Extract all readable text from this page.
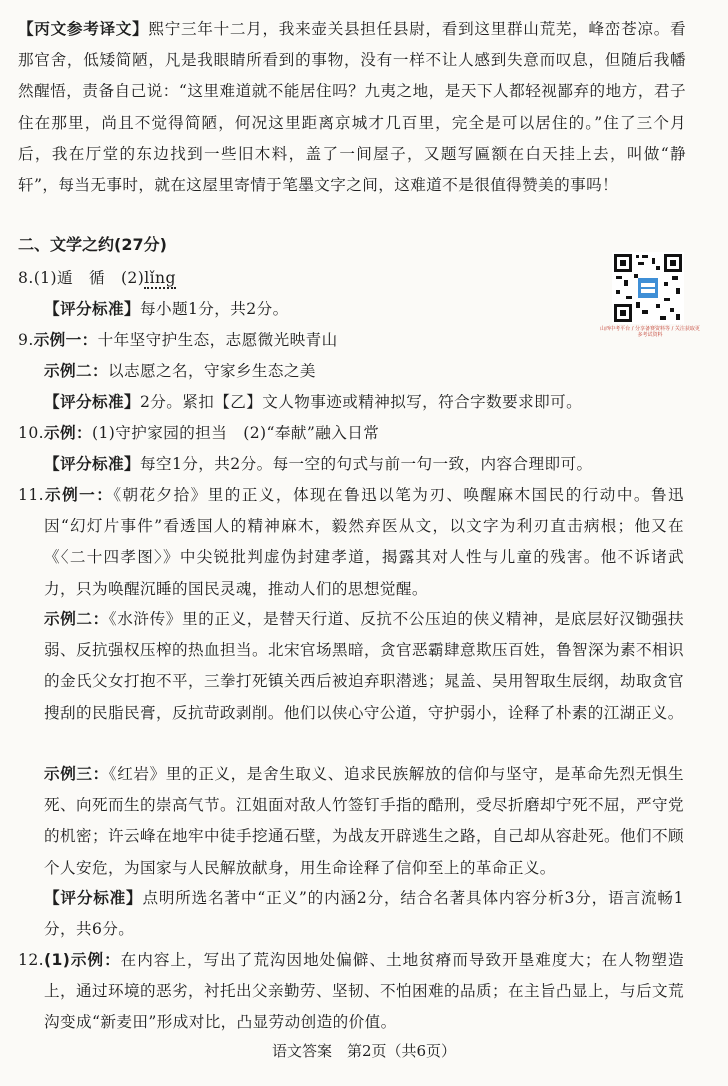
【丙文参考译文】熙宁三年十二月，我来壶关县担任县尉，看到这里群山荒芜，峰峦苍凉。看那官舍，低矮简陋，凡是我眼睛所看到的事物，没有一样不让人感到失意而叹息，但随后我幡然醒悟，责备自己说：“这里难道就不能居住吗？九夷之地，是天下人都轻视鄙弃的地方，君子住在那里，尚且不觉得简陋，何况这里距离京城才几百里，完全是可以居住的。”住了三个月后，我在厅堂的东边找到一些旧木料，盖了一间屋子，又题写匾额在白天挂上去，叫做“静轩”，每当无事时，就在这屋里寄情于笔墨文字之间，这难道不是很值得赞美的事吗！
二、文学之约(27分)
8.(1)遁　循　(2)lǐng
【评分标准】每小题1分，共2分。
9.示例一：十年坚守护生态，志愿微光映青山
示例二：以志愿之名，守家乡生态之美
【评分标准】2分。紧扣【乙】文人物事迹或精神拟写，符合字数要求即可。
10.示例：(1)守护家园的担当　(2)“奉献”融入日常
【评分标准】每空1分，共2分。每一空的句式与前一句一致，内容合理即可。
11.示例一：《朝花夕拾》里的正义，体现在鲁迅以笔为刃、唤醒麻木国民的行动中。鲁迅因“幻灯片事件”看透国人的精神麻木，毅然弃医从文，以文字为利刃直击病根；他又在《〈二十四孝图〉》中尖锐批判虚伪封建孝道，揭露其对人性与儿童的残害。他不诉诸武力，只为唤醒沉睡的国民灵魂，推动人们的思想觉醒。
示例二：《水浒传》里的正义，是替天行道、反抗不公压迫的侠义精神，是底层好汉锄强扶弱、反抗强权压榨的热血担当。北宋官场黑暗，贪官恶霸肆意欺压百姓，鲁智深为素不相识的金氏父女打抱不平，三拳打死镇关西后被迫弃职潜逃；晁盖、吴用智取生辰纲，劫取贪官搜刮的民脂民膏，反抗苛政剥削。他们以侠心守公道，守护弱小，诠释了朴素的江湖正义。
示例三：《红岩》里的正义，是舍生取义、追求民族解放的信仰与坚守，是革命先烈无惧生死、向死而生的崇高气节。江姐面对敌人竹签钉手指的酷刑，受尽折磨却宁死不屈，严守党的机密；许云峰在地牢中徒手挖通石壁，为战友开辟逃生之路，自己却从容赴死。他们不顾个人安危，为国家与人民解放献身，用生命诠释了信仰至上的革命正义。
【评分标准】点明所选名著中“正义”的内涵2分，结合名著具体内容分析3分，语言流畅1分，共6分。
12.(1)示例：在内容上，写出了荒沟因地处偏僻、土地贫瘠而导致开垦难度大；在人物塑造上，通过环境的恶劣，衬托出父亲勤劳、坚韧、不怕困难的品质；在主旨凸显上，与后文荒沟变成“新麦田”形成对比，凸显劳动创造的价值。
山西中考平台 / 分享备赛资料等 / 关注获取更多考试资料
语文答案　第2页（共6页）
